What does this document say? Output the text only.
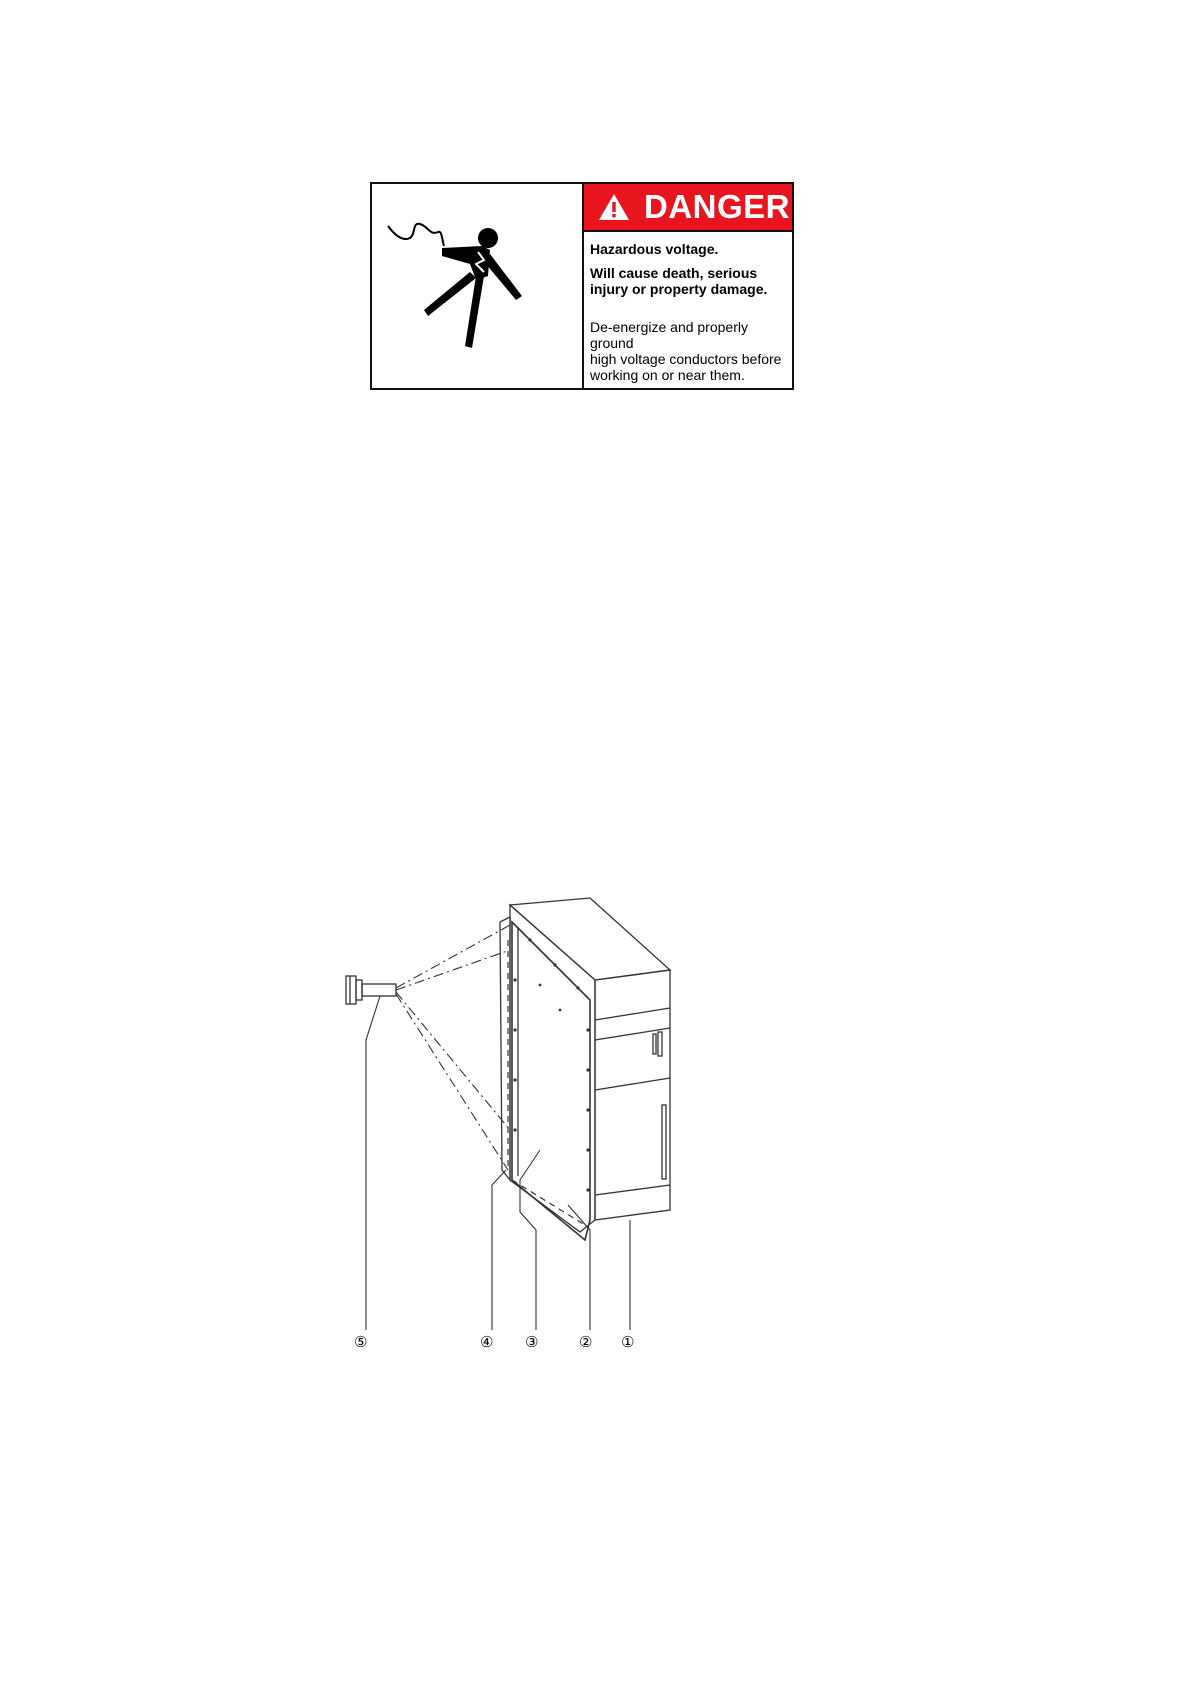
DANGER
Hazardous voltage.
Will cause death, serious
injury or property damage.
De-energize and properly ground
high voltage conductors before
working on or near them.
⑤	④ ③	② ①
